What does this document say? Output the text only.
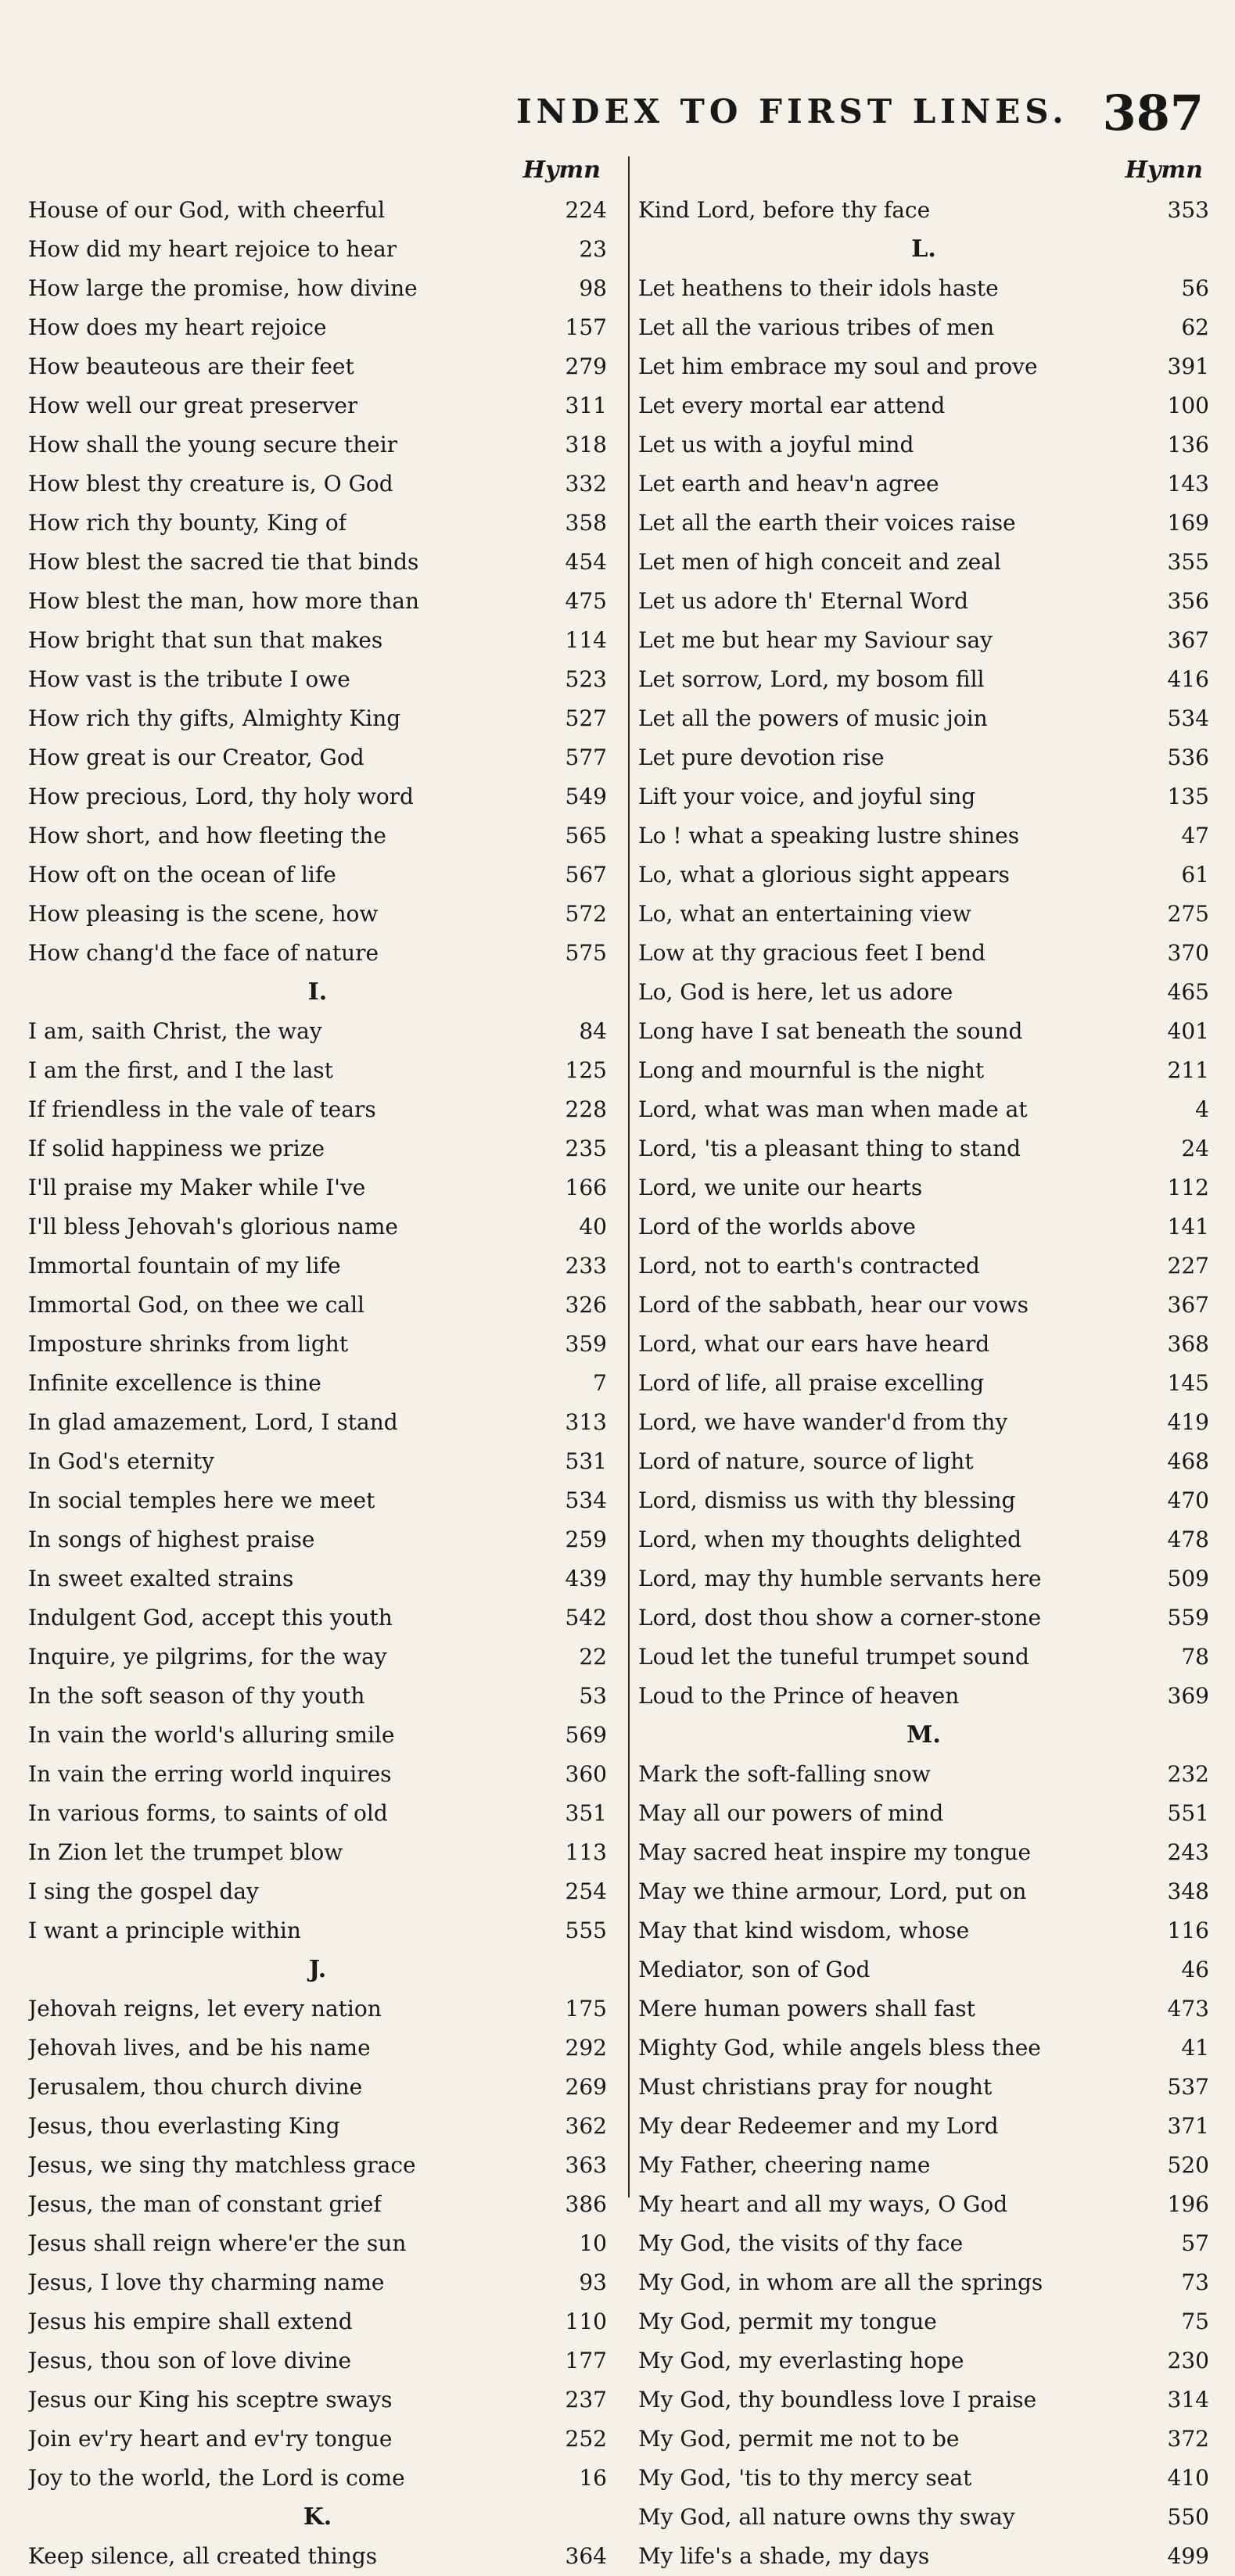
INDEX TO FIRST LINES. 387
Hymn
House of our God, with cheerful	224
How did my heart rejoice to hear	23
How large the promise, how divine	98
How does my heart rejoice	157
How beauteous are their feet	279
How well our great preserver	311
How shall the young secure their	318
How blest thy creature is, O God	332
How rich thy bounty, King of	358
How blest the sacred tie that binds	454
How blest the man, how more than	475
How bright that sun that makes	114
How vast is the tribute I owe	523
How rich thy gifts, Almighty King	527
How great is our Creator, God	577
How precious, Lord, thy holy word	549
How short, and how fleeting the	565
How oft on the ocean of life	567
How pleasing is the scene, how	572
How chang'd the face of nature	575
I.
I am, saith Christ, the way	84
I am the first, and I the last	125
If friendless in the vale of tears	228
If solid happiness we prize	235
I'll praise my Maker while I've	166
I'll bless Jehovah's glorious name	40
Immortal fountain of my life	233
Immortal God, on thee we call	326
Imposture shrinks from light	359
Infinite excellence is thine	7
In glad amazement, Lord, I stand	313
In God's eternity	531
In social temples here we meet	534
In songs of highest praise	259
In sweet exalted strains	439
Indulgent God, accept this youth	542
Inquire, ye pilgrims, for the way	22
In the soft season of thy youth	53
In vain the world's alluring smile	569
In vain the erring world inquires	360
In various forms, to saints of old	351
In Zion let the trumpet blow	113
I sing the gospel day	254
I want a principle within	555
J.
Jehovah reigns, let every nation	175
Jehovah lives, and be his name	292
Jerusalem, thou church divine	269
Jesus, thou everlasting King	362
Jesus, we sing thy matchless grace	363
Jesus, the man of constant grief	386
Jesus shall reign where'er the sun	10
Jesus, I love thy charming name	93
Jesus his empire shall extend	110
Jesus, thou son of love divine	177
Jesus our King his sceptre sways	237
Join ev'ry heart and ev'ry tongue	252
Joy to the world, the Lord is come	16
K.
Keep silence, all created things	364
Hymn
Kind Lord, before thy face	353
L.
Let heathens to their idols haste	56
Let all the various tribes of men	62
Let him embrace my soul and prove	391
Let every mortal ear attend	100
Let us with a joyful mind	136
Let earth and heav'n agree	143
Let all the earth their voices raise	169
Let men of high conceit and zeal	355
Let us adore th' Eternal Word	356
Let me but hear my Saviour say	367
Let sorrow, Lord, my bosom fill	416
Let all the powers of music join	534
Let pure devotion rise	536
Lift your voice, and joyful sing	135
Lo ! what a speaking lustre shines	47
Lo, what a glorious sight appears	61
Lo, what an entertaining view	275
Low at thy gracious feet I bend	370
Lo, God is here, let us adore	465
Long have I sat beneath the sound	401
Long and mournful is the night	211
Lord, what was man when made at	4
Lord, 'tis a pleasant thing to stand	24
Lord, we unite our hearts	112
Lord of the worlds above	141
Lord, not to earth's contracted	227
Lord of the sabbath, hear our vows	367
Lord, what our ears have heard	368
Lord of life, all praise excelling	145
Lord, we have wander'd from thy	419
Lord of nature, source of light	468
Lord, dismiss us with thy blessing	470
Lord, when my thoughts delighted	478
Lord, may thy humble servants here	509
Lord, dost thou show a corner-stone	559
Loud let the tuneful trumpet sound	78
Loud to the Prince of heaven	369
M.
Mark the soft-falling snow	232
May all our powers of mind	551
May sacred heat inspire my tongue	243
May we thine armour, Lord, put on	348
May that kind wisdom, whose	116
Mediator, son of God	46
Mere human powers shall fast	473
Mighty God, while angels bless thee	41
Must christians pray for nought	537
My dear Redeemer and my Lord	371
My Father, cheering name	520
My heart and all my ways, O God	196
My God, the visits of thy face	57
My God, in whom are all the springs	73
My God, permit my tongue	75
My God, my everlasting hope	230
My God, thy boundless love I praise	314
My God, permit me not to be	372
My God, 'tis to thy mercy seat	410
My God, all nature owns thy sway	550
My life's a shade, my days	499
